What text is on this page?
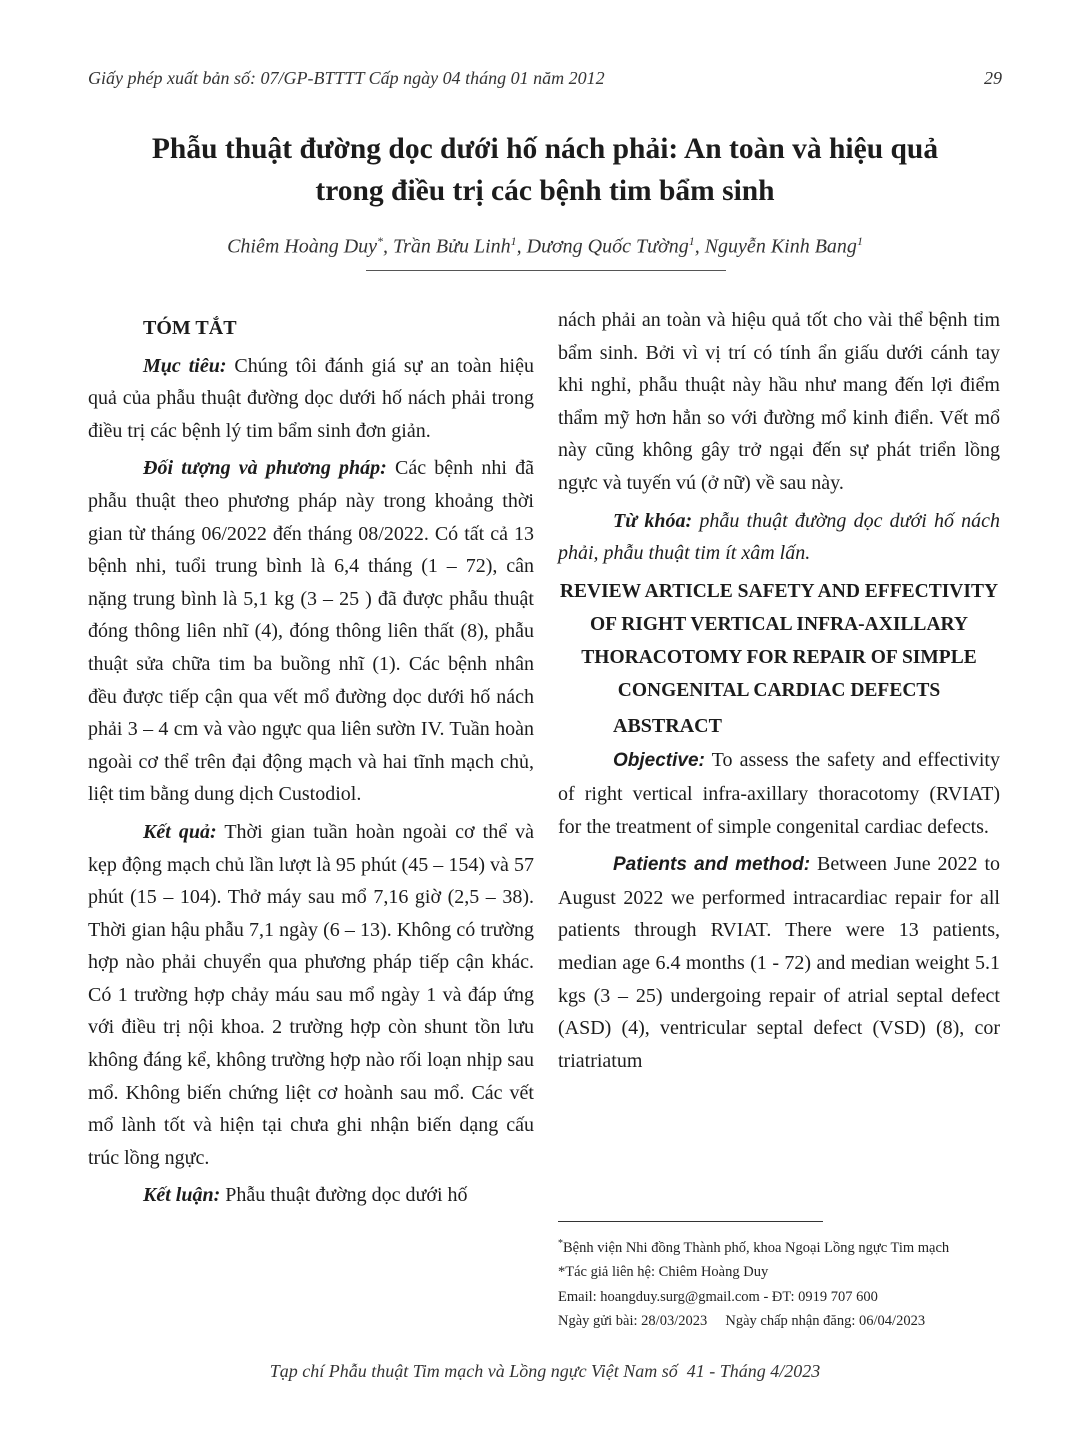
Giấy phép xuất bản số: 07/GP-BTTTT Cấp ngày 04 tháng 01 năm 2012	29
Phẫu thuật đường dọc dưới hố nách phải: An toàn và hiệu quả
trong điều trị các bệnh tim bẩm sinh
Chiêm Hoàng Duy*, Trần Bửu Linh$^1$, Dương Quốc Tường$^1$, Nguyễn Kinh Bang$^1$
TÓM TẮT

Mục tiêu: Chúng tôi đánh giá sự an toàn hiệu quả của phẫu thuật đường dọc dưới hố nách phải trong điều trị các bệnh lý tim bẩm sinh đơn giản.

Đối tượng và phương pháp: Các bệnh nhi đã phẫu thuật theo phương pháp này trong khoảng thời gian từ tháng 06/2022 đến tháng 08/2022. Có tất cả 13 bệnh nhi, tuổi trung bình là 6,4 tháng (1 – 72), cân nặng trung bình là 5,1 kg (3 – 25 ) đã được phẫu thuật đóng thông liên nhĩ (4), đóng thông liên thất (8), phẫu thuật sửa chữa tim ba buồng nhĩ (1). Các bệnh nhân đều được tiếp cận qua vết mổ đường dọc dưới hố nách phải 3 – 4 cm và vào ngực qua liên sườn IV. Tuần hoàn ngoài cơ thể trên đại động mạch và hai tĩnh mạch chủ, liệt tim bằng dung dịch Custodiol.

Kết quả: Thời gian tuần hoàn ngoài cơ thể và kẹp động mạch chủ lần lượt là 95 phút (45 – 154) và 57 phút (15 – 104). Thở máy sau mổ 7,16 giờ (2,5 – 38). Thời gian hậu phẫu 7,1 ngày (6 – 13). Không có trường hợp nào phải chuyển qua phương pháp tiếp cận khác. Có 1 trường hợp chảy máu sau mổ ngày 1 và đáp ứng với điều trị nội khoa. 2 trường hợp còn shunt tồn lưu không đáng kể, không trường hợp nào rối loạn nhịp sau mổ. Không biến chứng liệt cơ hoành sau mổ. Các vết mổ lành tốt và hiện tại chưa ghi nhận biến dạng cấu trúc lồng ngực.

Kết luận: Phẫu thuật đường dọc dưới hố

nách phải an toàn và hiệu quả tốt cho vài thể bệnh tim bẩm sinh. Bởi vì vị trí có tính ẩn giấu dưới cánh tay khi nghỉ, phẫu thuật này hầu như mang đến lợi điểm thẩm mỹ hơn hẳn so với đường mổ kinh điển. Vết mổ này cũng không gây trở ngại đến sự phát triển lồng ngực và tuyến vú (ở nữ) về sau này.

Từ khóa: phẫu thuật đường dọc dưới hố nách phải, phẫu thuật tim ít xâm lấn.

REVIEW ARTICLE SAFETY AND EFFECTIVITY OF RIGHT VERTICAL INFRA-AXILLARY THORACOTOMY FOR REPAIR OF SIMPLE CONGENITAL CARDIAC DEFECTS

ABSTRACT

Objective: To assess the safety and effectivity of right vertical infra-axillary thoracotomy (RVIAT) for the treatment of simple congenital cardiac defects.

Patients and method: Between June 2022 to August 2022 we performed intracardiac repair for all patients through RVIAT. There were 13 patients, median age 6.4 months (1 - 72) and median weight 5.1 kgs (3 – 25) undergoing repair of atrial septal defect (ASD) (4), ventricular septal defect (VSD) (8), cor triatriatum

*Bệnh viện Nhi đồng Thành phố, khoa Ngoại Lồng ngực Tim mạch
*Tác giả liên hệ: Chiêm Hoàng Duy
Email: hoangduy.surg@gmail.com - ĐT: 0919 707 600
Ngày gửi bài: 28/03/2023     Ngày chấp nhận đăng: 06/04/2023
Tạp chí Phẫu thuật Tim mạch và Lồng ngực Việt Nam số  41 - Tháng 4/2023
